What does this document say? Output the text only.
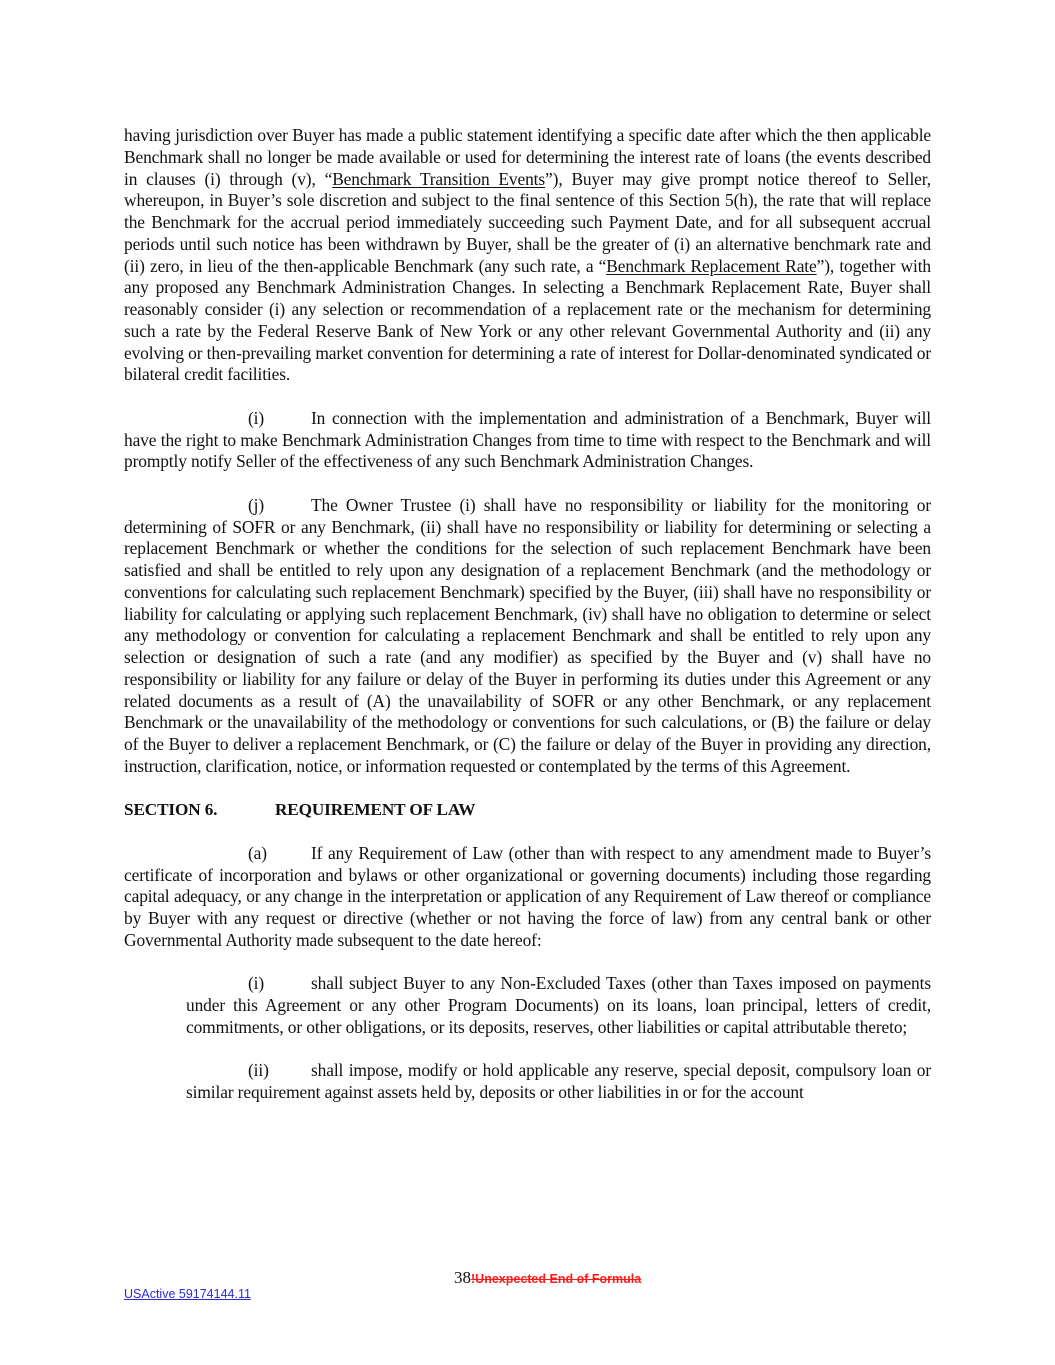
having jurisdiction over Buyer has made a public statement identifying a specific date after which the then applicable Benchmark shall no longer be made available or used for determining the interest rate of loans (the events described in clauses (i) through (v), “Benchmark Transition Events”), Buyer may give prompt notice thereof to Seller, whereupon, in Buyer’s sole discretion and subject to the final sentence of this Section 5(h), the rate that will replace the Benchmark for the accrual period immediately succeeding such Payment Date, and for all subsequent accrual periods until such notice has been withdrawn by Buyer, shall be the greater of (i) an alternative benchmark rate and (ii) zero, in lieu of the then-applicable Benchmark (any such rate, a “Benchmark Replacement Rate”), together with any proposed any Benchmark Administration Changes. In selecting a Benchmark Replacement Rate, Buyer shall reasonably consider (i) any selection or recommendation of a replacement rate or the mechanism for determining such a rate by the Federal Reserve Bank of New York or any other relevant Governmental Authority and (ii) any evolving or then-prevailing market convention for determining a rate of interest for Dollar-denominated syndicated or bilateral credit facilities.

(i)	In connection with the implementation and administration of a Benchmark, Buyer will have the right to make Benchmark Administration Changes from time to time with respect to the Benchmark and will promptly notify Seller of the effectiveness of any such Benchmark Administration Changes.

(j)	The Owner Trustee (i) shall have no responsibility or liability for the monitoring or determining of SOFR or any Benchmark, (ii) shall have no responsibility or liability for determining or selecting a replacement Benchmark or whether the conditions for the selection of such replacement Benchmark have been satisfied and shall be entitled to rely upon any designation of a replacement Benchmark (and the methodology or conventions for calculating such replacement Benchmark) specified by the Buyer, (iii) shall have no responsibility or liability for calculating or applying such replacement Benchmark, (iv) shall have no obligation to determine or select any methodology or convention for calculating a replacement Benchmark and shall be entitled to rely upon any selection or designation of such a rate (and any modifier) as specified by the Buyer and (v) shall have no responsibility or liability for any failure or delay of the Buyer in performing its duties under this Agreement or any related documents as a result of (A) the unavailability of SOFR or any other Benchmark, or any replacement Benchmark or the unavailability of the methodology or conventions for such calculations, or (B) the failure or delay of the Buyer to deliver a replacement Benchmark, or (C) the failure or delay of the Buyer in providing any direction, instruction, clarification, notice, or information requested or contemplated by the terms of this Agreement.

SECTION 6.	REQUIREMENT OF LAW

(a)	If any Requirement of Law (other than with respect to any amendment made to Buyer’s certificate of incorporation and bylaws or other organizational or governing documents) including those regarding capital adequacy, or any change in the interpretation or application of any Requirement of Law thereof or compliance by Buyer with any request or directive (whether or not having the force of law) from any central bank or other Governmental Authority made subsequent to the date hereof:

(i)	shall subject Buyer to any Non-Excluded Taxes (other than Taxes imposed on payments under this Agreement or any other Program Documents) on its loans, loan principal, letters of credit, commitments, or other obligations, or its deposits, reserves, other liabilities or capital attributable thereto;

(ii) shall impose, modify or hold applicable any reserve, special deposit, compulsory loan or similar requirement against assets held by, deposits or other liabilities in or for the account

38!Unexpected End of Formula
USActive 59174144.11
